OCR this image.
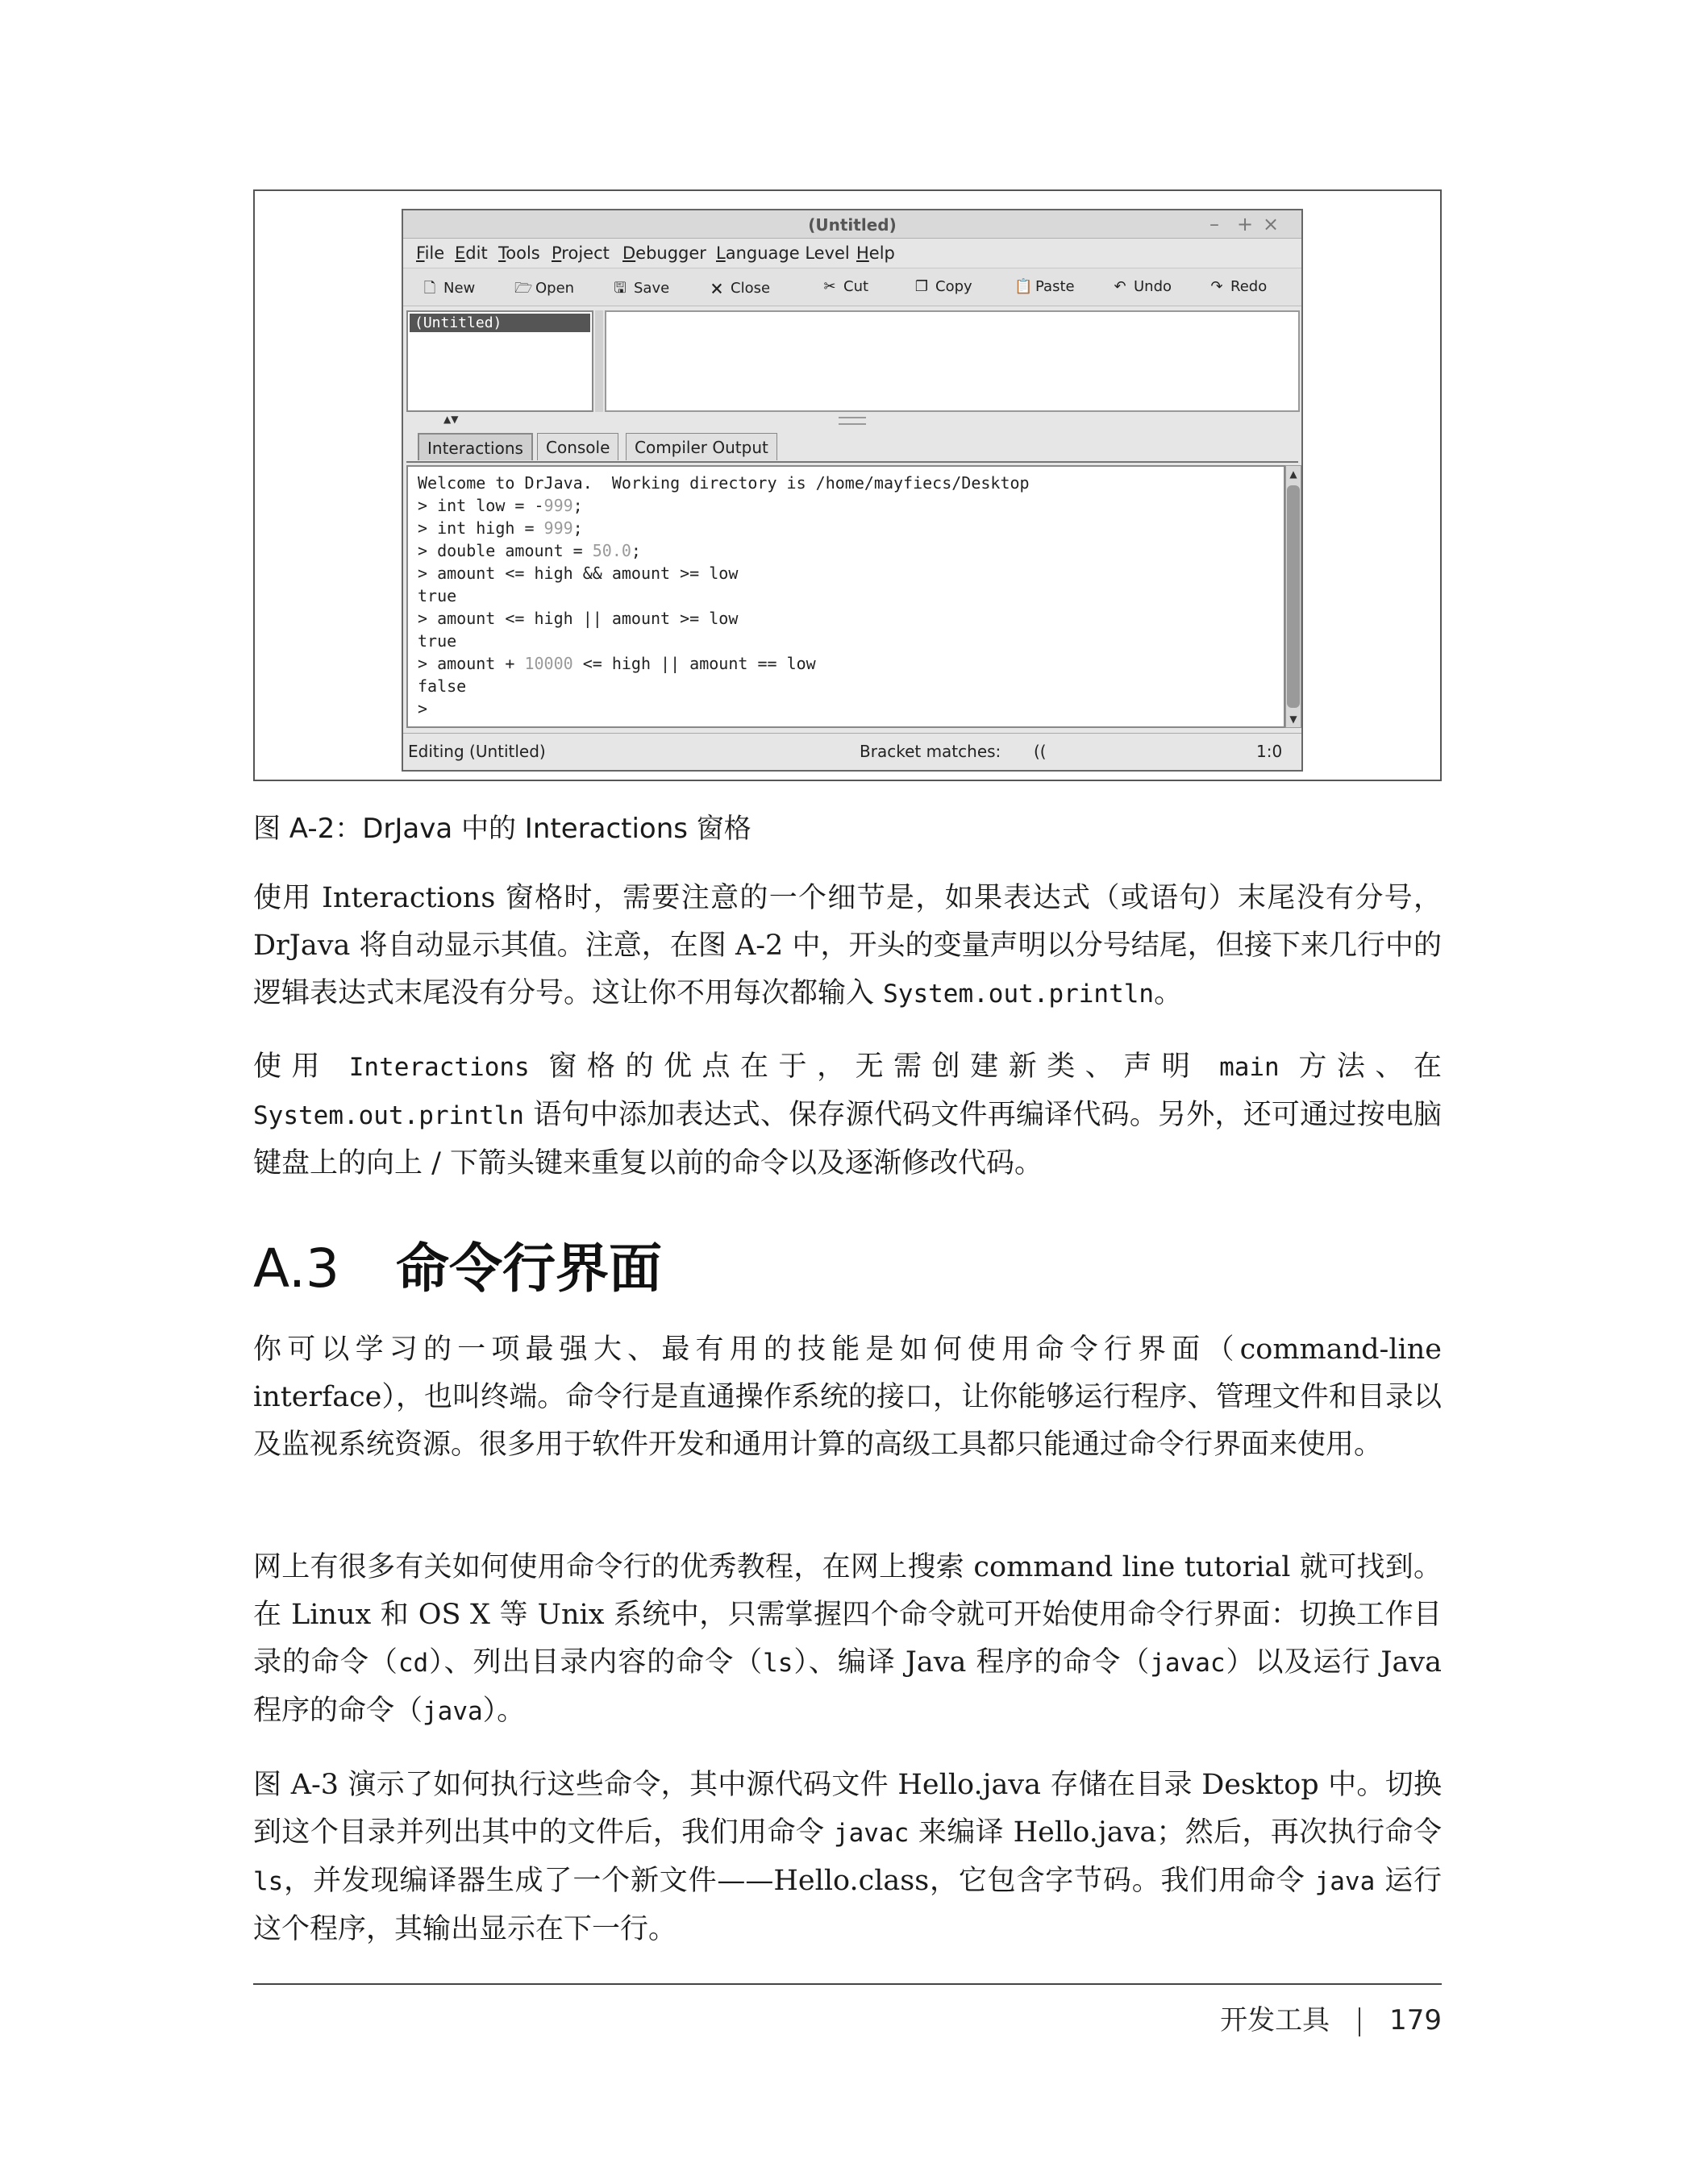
(Untitled)	– + ×
File Edit Tools Project Debugger Language Level Help
🗋 New	🗁 Open	🖫 Save	🗙 Close	✂ Cut	❐ Copy	📋 Paste	↶ Undo	↷ Redo
(Untitled)
▲▼
Interactions	Console	Compiler Output
Welcome to DrJava.  Working directory is /home/mayfiecs/Desktop
> int low = -999;
> int high = 999;
> double amount = 50.0;
> amount <= high && amount >= low
true
> amount <= high || amount >= low
true
> amount + 10000 <= high || amount == low
false
>
▲
▼
Editing (Untitled)	Bracket matches: ((	1:0
图 A-2：DrJava 中的 Interactions 窗格
使用 Interactions 窗格时，需要注意的一个细节是，如果表达式（或语句）末尾没有分号，DrJava 将自动显示其值。注意，在图 A-2 中，开头的变量声明以分号结尾，但接下来几行中的逻辑表达式末尾没有分号。这让你不用每次都输入 System.out.println。
使用 Interactions 窗格的优点在于，无需创建新类、声明 main 方法、在 System.out.println 语句中添加表达式、保存源代码文件再编译代码。另外，还可通过按电脑键盘上的向上 / 下箭头键来重复以前的命令以及逐渐修改代码。
A.3 命令行界面
你可以学习的一项最强大、最有用的技能是如何使用命令行界面（command-line interface），也叫终端。命令行是直通操作系统的接口，让你能够运行程序、管理文件和目录以及监视系统资源。很多用于软件开发和通用计算的高级工具都只能通过命令行界面来使用。
网上有很多有关如何使用命令行的优秀教程，在网上搜索 command line tutorial 就可找到。在 Linux 和 OS X 等 Unix 系统中，只需掌握四个命令就可开始使用命令行界面：切换工作目录的命令（cd）、列出目录内容的命令（ls）、编译 Java 程序的命令（javac）以及运行 Java 程序的命令（java）。
图 A-3 演示了如何执行这些命令，其中源代码文件 Hello.java 存储在目录 Desktop 中。切换到这个目录并列出其中的文件后，我们用命令 javac 来编译 Hello.java；然后，再次执行命令 ls，并发现编译器生成了一个新文件——Hello.class，它包含字节码。我们用命令 java 运行这个程序，其输出显示在下一行。
开发工具 179
